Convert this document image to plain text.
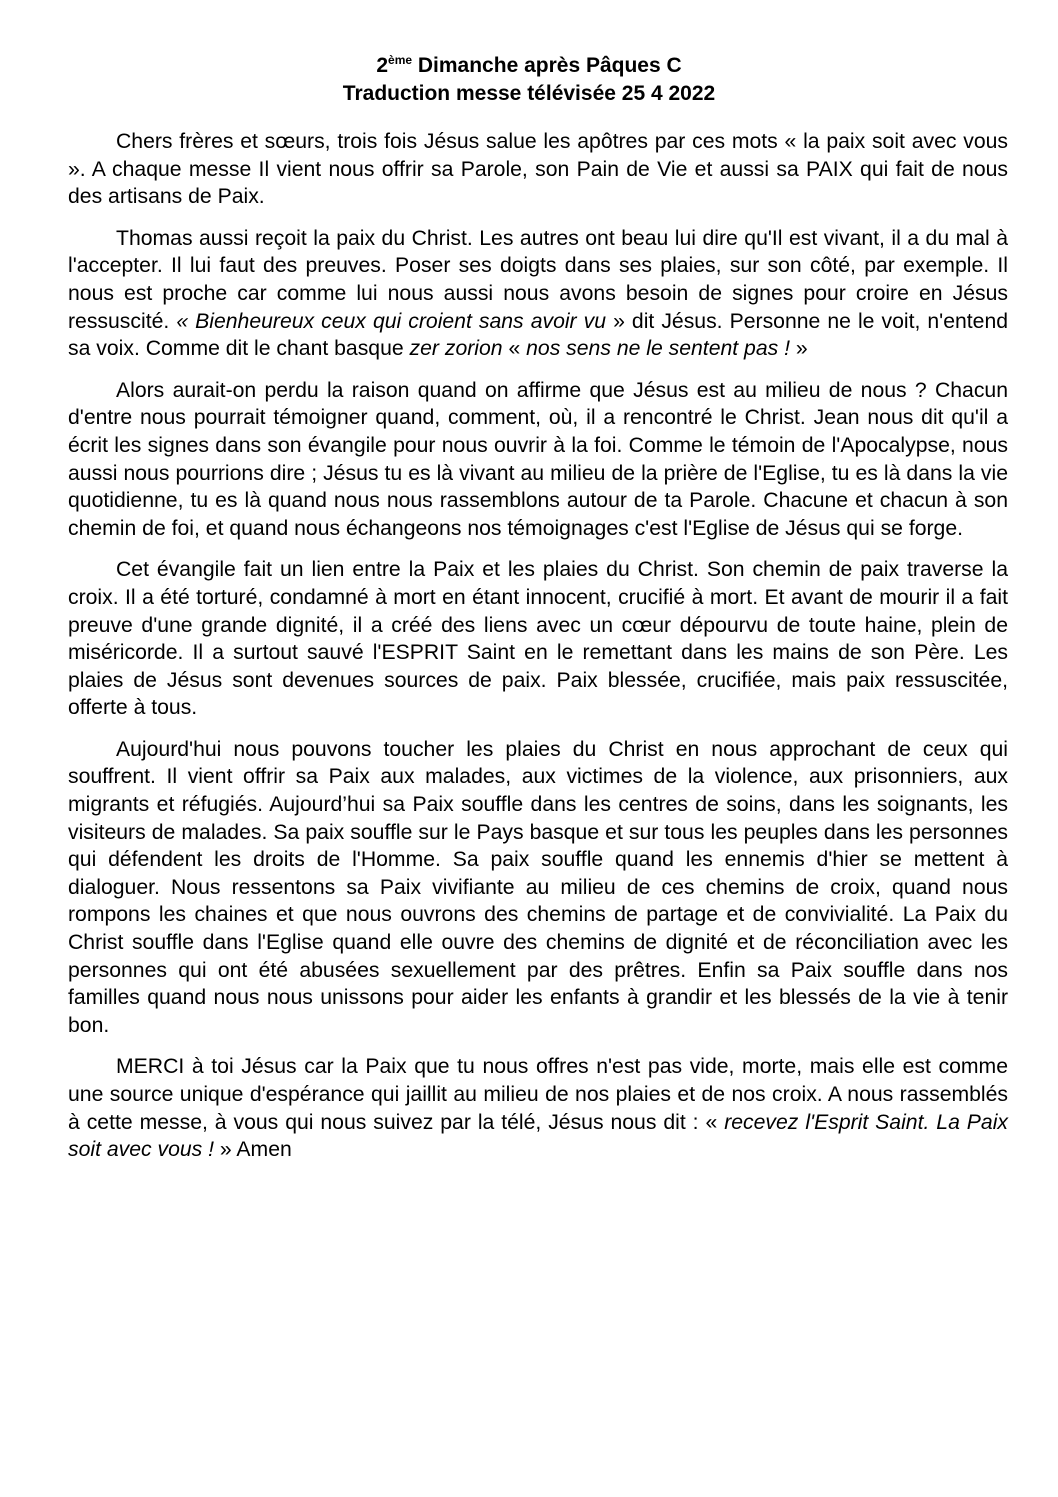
2ème Dimanche après Pâques C
Traduction messe télévisée 25 4 2022

Chers frères et sœurs, trois fois Jésus salue les apôtres par ces mots « la paix soit avec vous ». A chaque messe Il vient nous offrir sa Parole, son Pain de Vie et aussi sa PAIX qui fait de nous des artisans de Paix.

Thomas aussi reçoit la paix du Christ. Les autres ont beau lui dire qu'Il est vivant, il a du mal à l'accepter. Il lui faut des preuves. Poser ses doigts dans ses plaies, sur son côté, par exemple. Il nous est proche car comme lui nous aussi nous avons besoin de signes pour croire en Jésus ressuscité. « Bienheureux ceux qui croient sans avoir vu » dit Jésus. Personne ne le voit, n'entend sa voix. Comme dit le chant basque zer zorion « nos sens ne le sentent pas ! »

Alors aurait-on perdu la raison quand on affirme que Jésus est au milieu de nous ? Chacun d'entre nous pourrait témoigner quand, comment, où, il a rencontré le Christ. Jean nous dit qu'il a écrit les signes dans son évangile pour nous ouvrir à la foi. Comme le témoin de l'Apocalypse, nous aussi nous pourrions dire ; Jésus tu es là vivant au milieu de la prière de l'Eglise, tu es là dans la vie quotidienne, tu es là quand nous nous rassemblons autour de ta Parole. Chacune et chacun à son chemin de foi, et quand nous échangeons nos témoignages c'est l'Eglise de Jésus qui se forge.

Cet évangile fait un lien entre la Paix et les plaies du Christ. Son chemin de paix traverse la croix. Il a été torturé, condamné à mort en étant innocent, crucifié à mort. Et avant de mourir il a fait preuve d'une grande dignité, il a créé des liens avec un cœur dépourvu de toute haine, plein de miséricorde. Il a surtout sauvé l'ESPRIT Saint en le remettant dans les mains de son Père. Les plaies de Jésus sont devenues sources de paix. Paix blessée, crucifiée, mais paix ressuscitée, offerte à tous.

Aujourd'hui nous pouvons toucher les plaies du Christ en nous approchant de ceux qui souffrent. Il vient offrir sa Paix aux malades, aux victimes de la violence, aux prisonniers, aux migrants et réfugiés. Aujourd’hui sa Paix souffle dans les centres de soins, dans les soignants, les visiteurs de malades. Sa paix souffle sur le Pays basque et sur tous les peuples dans les personnes qui défendent les droits de l'Homme. Sa paix souffle quand les ennemis d'hier se mettent à dialoguer. Nous ressentons sa Paix vivifiante au milieu de ces chemins de croix, quand nous rompons les chaines et que nous ouvrons des chemins de partage et de convivialité. La Paix du Christ souffle dans l'Eglise quand elle ouvre des chemins de dignité et de réconciliation avec les personnes qui ont été abusées sexuellement par des prêtres. Enfin sa Paix souffle dans nos familles quand nous nous unissons pour aider les enfants à grandir et les blessés de la vie à tenir bon.

MERCI à toi Jésus car la Paix que tu nous offres n'est pas vide, morte, mais elle est comme une source unique d'espérance qui jaillit au milieu de nos plaies et de nos croix. A nous rassemblés à cette messe, à vous qui nous suivez par la télé, Jésus nous dit : « recevez l'Esprit Saint. La Paix soit avec vous ! » Amen
